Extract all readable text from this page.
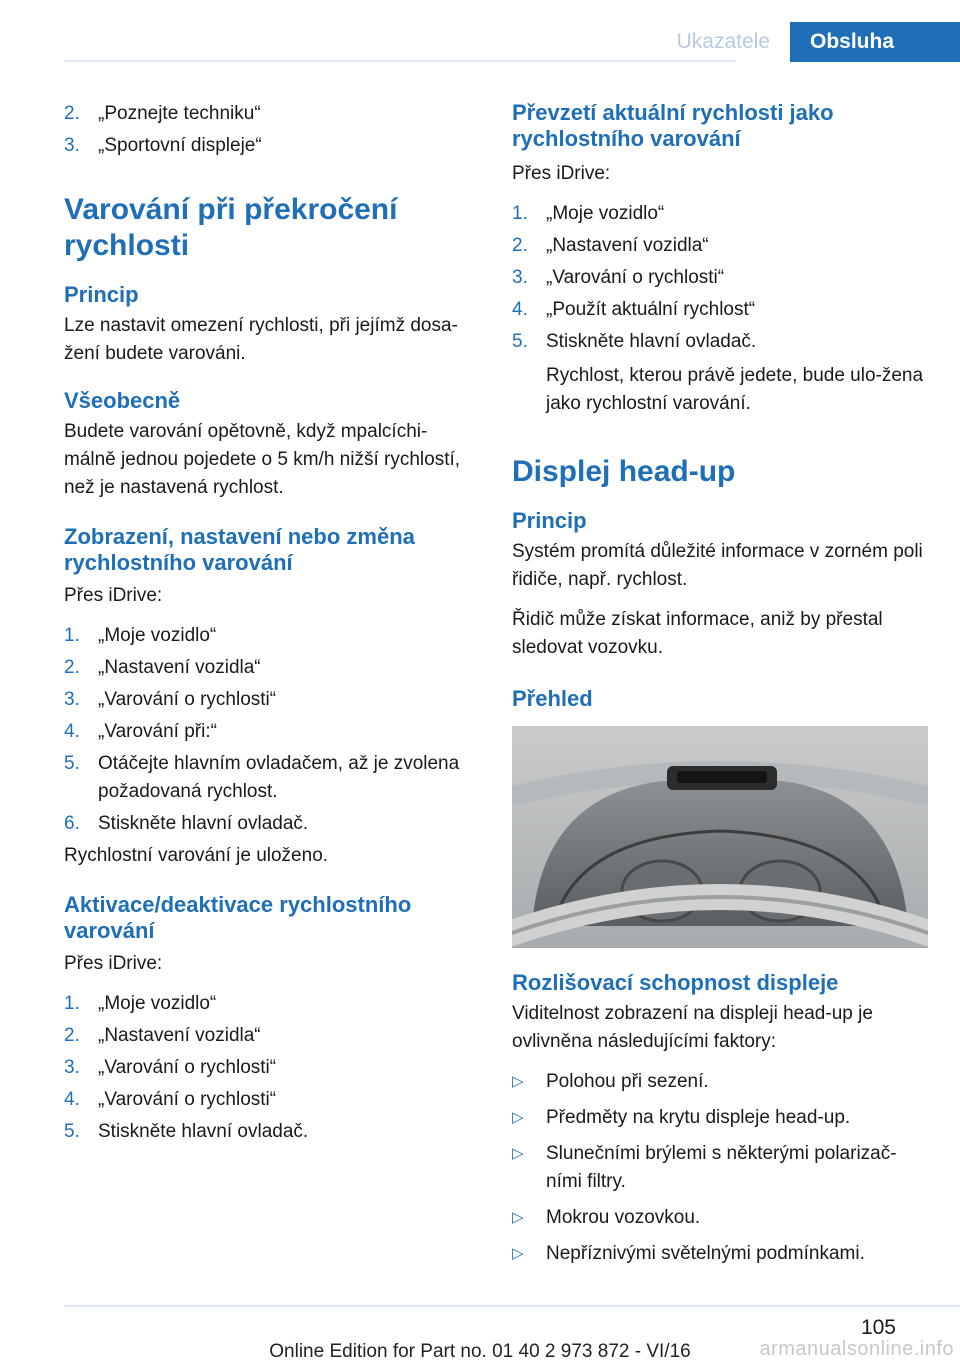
Ukazatele	Obsluha
2. „Poznejte techniku“
3. „Sportovní displeje“
Varování při překročení rychlosti
Princip

Lze nastavit omezení rychlosti, při jejímž dosa‐žení budete varováni.

Všeobecně

Budete varování opětovně, když mpalcíchi‐málně jednou pojedete o 5 km/h nižší rychlostí, než je nastavená rychlost.

Zobrazení, nastavení nebo změna rychlostního varování

Přes iDrive:

1. „Moje vozidlo“
2. „Nastavení vozidla“
3. „Varování o rychlosti“
4. „Varování při:“
5. Otáčejte hlavním ovladačem, až je zvolena požadovaná rychlost.
6. Stiskněte hlavní ovladač.

Rychlostní varování je uloženo.

Aktivace/deaktivace rychlostního varování

Přes iDrive:

1. „Moje vozidlo“
2. „Nastavení vozidla“
3. „Varování o rychlosti“
4. „Varování o rychlosti“
5. Stiskněte hlavní ovladač.
Převzetí aktuální rychlosti jako rychlostního varování

Přes iDrive:

1. „Moje vozidlo“
2. „Nastavení vozidla“
3. „Varování o rychlosti“
4. „Použít aktuální rychlost“
5. Stiskněte hlavní ovladač.
Rychlost, kterou právě jedete, bude ulo‐žena jako rychlostní varování.
Displej head-up
Princip

Systém promítá důležité informace v zorném poli řidiče, např. rychlost.

Řidič může získat informace, aniž by přestal sledovat vozovku.

Přehled
Rozlišovací schopnost displeje

Viditelnost zobrazení na displeji head-up je ovlivněna následujícími faktory:

▷ Polohou při sezení.
▷ Předměty na krytu displeje head-up.
▷ Slunečními brýlemi s některými polarizač‐ními filtry.
▷ Mokrou vozovkou.
▷ Nepříznivými světelnými podmínkami.
105
Online Edition for Part no. 01 40 2 973 872 - VI/16	armanualsonline.info
